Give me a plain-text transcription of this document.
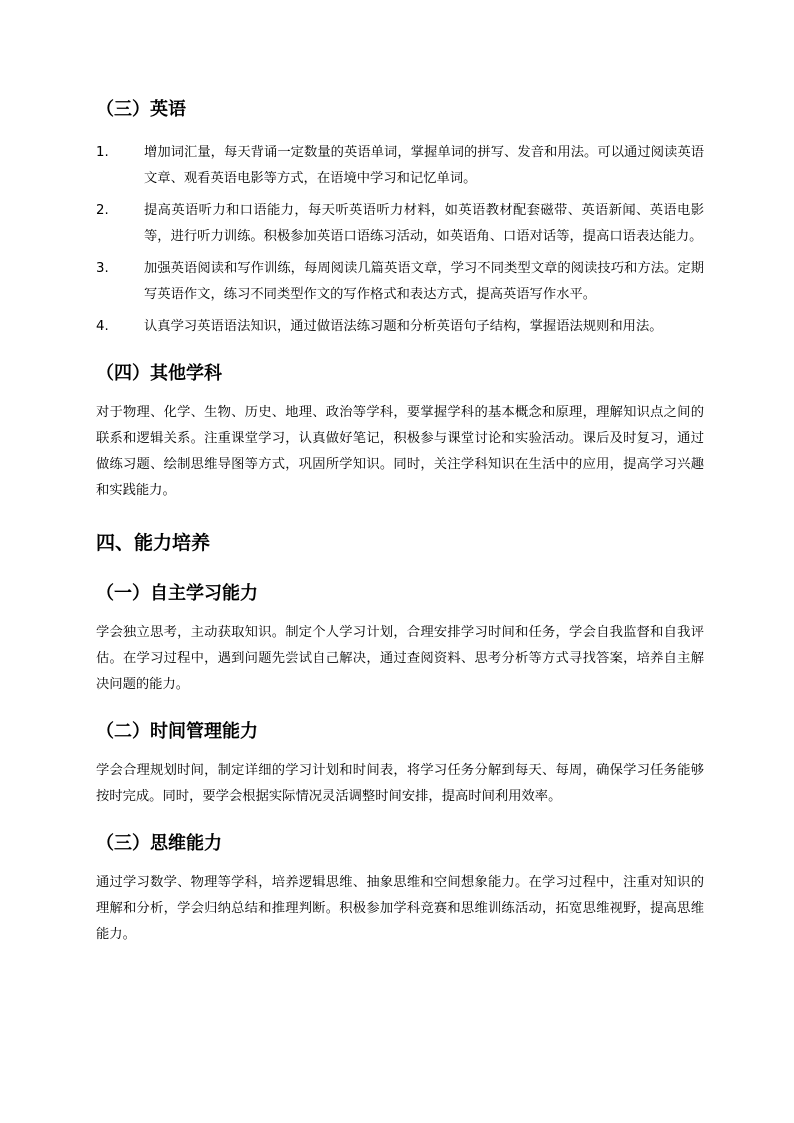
（三）英语
1.	增加词汇量，每天背诵一定数量的英语单词，掌握单词的拼写、发音和用法。可以通过阅读英语文章、观看英语电影等方式，在语境中学习和记忆单词。
2.	提高英语听力和口语能力，每天听英语听力材料，如英语教材配套磁带、英语新闻、英语电影等，进行听力训练。积极参加英语口语练习活动，如英语角、口语对话等，提高口语表达能力。
3.	加强英语阅读和写作训练，每周阅读几篇英语文章，学习不同类型文章的阅读技巧和方法。定期写英语作文，练习不同类型作文的写作格式和表达方式，提高英语写作水平。
4.	认真学习英语语法知识，通过做语法练习题和分析英语句子结构，掌握语法规则和用法。
（四）其他学科

对于物理、化学、生物、历史、地理、政治等学科，要掌握学科的基本概念和原理，理解知识点之间的联系和逻辑关系。注重课堂学习，认真做好笔记，积极参与课堂讨论和实验活动。课后及时复习，通过做练习题、绘制思维导图等方式，巩固所学知识。同时，关注学科知识在生活中的应用，提高学习兴趣和实践能力。

四、能力培养
（一）自主学习能力

学会独立思考，主动获取知识。制定个人学习计划，合理安排学习时间和任务，学会自我监督和自我评估。在学习过程中，遇到问题先尝试自己解决，通过查阅资料、思考分析等方式寻找答案，培养自主解决问题的能力。

（二）时间管理能力

学会合理规划时间，制定详细的学习计划和时间表，将学习任务分解到每天、每周，确保学习任务能够按时完成。同时，要学会根据实际情况灵活调整时间安排，提高时间利用效率。

（三）思维能力

通过学习数学、物理等学科，培养逻辑思维、抽象思维和空间想象能力。在学习过程中，注重对知识的理解和分析，学会归纳总结和推理判断。积极参加学科竞赛和思维训练活动，拓宽思维视野，提高思维能力。
